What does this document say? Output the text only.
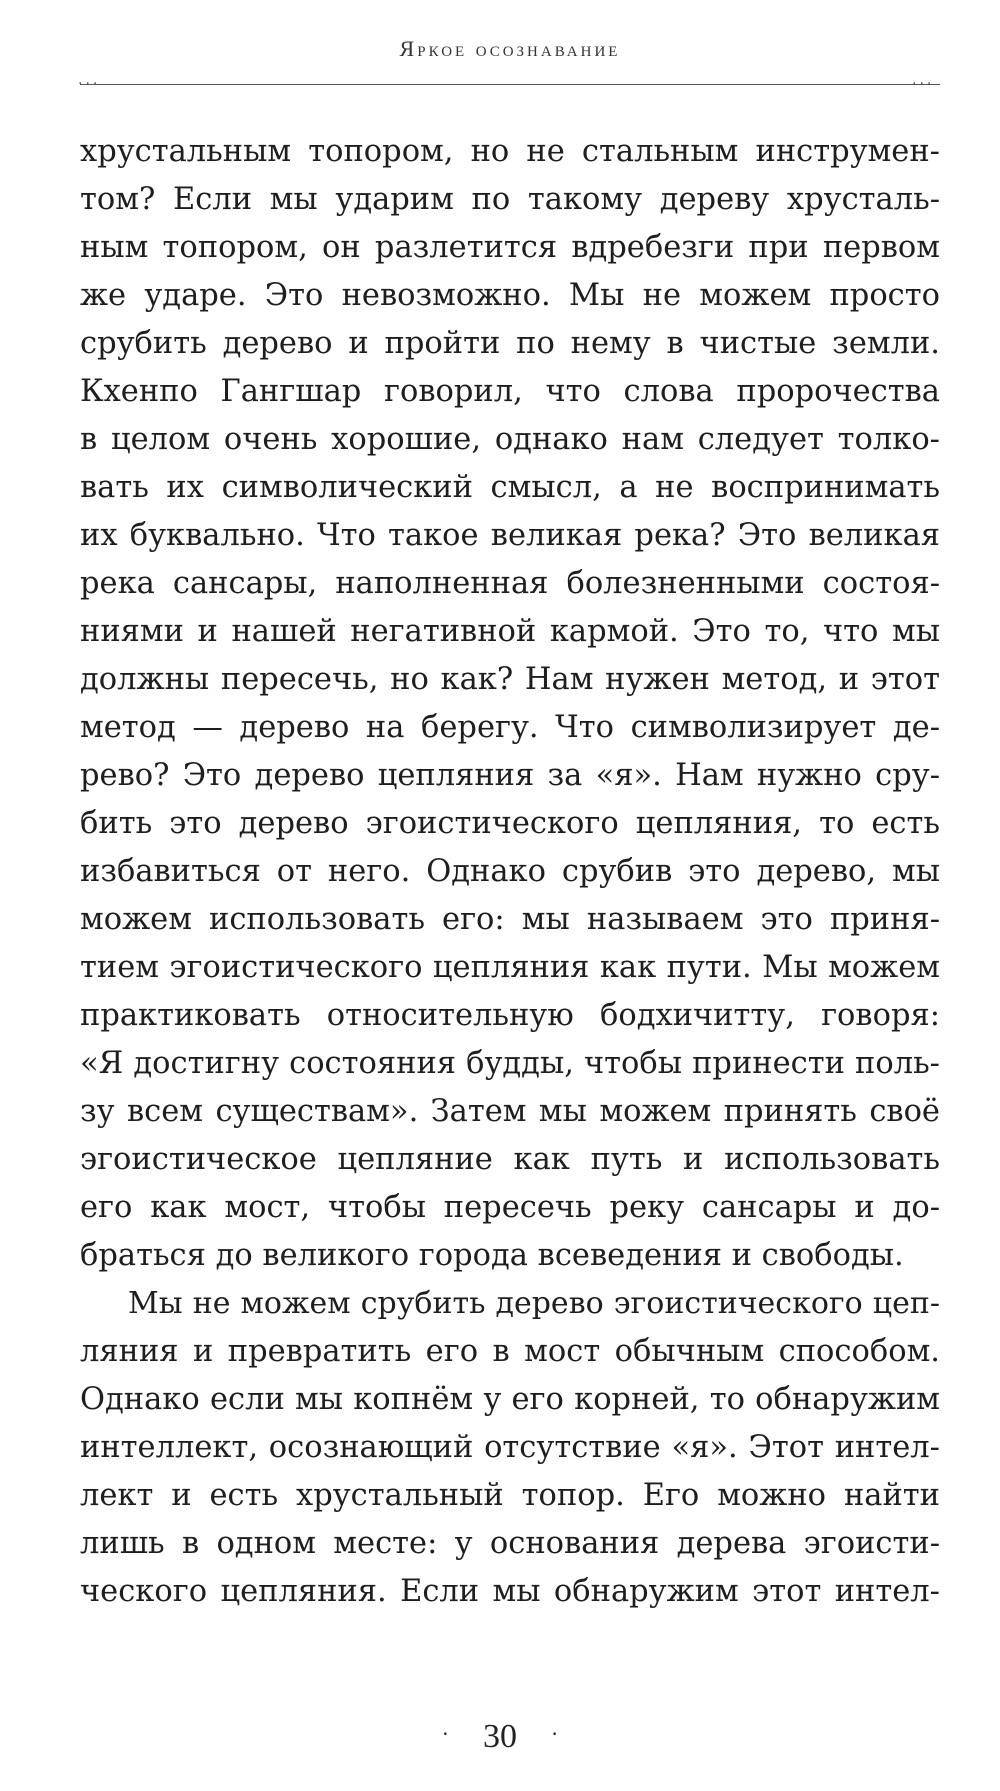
Яркое осознавание
···	···
хрустальным топором, но не стальным инструмен-
том? Если мы ударим по такому дереву хрусталь-
ным топором, он разлетится вдребезги при первом
же ударе. Это невозможно. Мы не можем просто
срубить дерево и пройти по нему в чистые земли.
Кхенпо Гангшар говорил, что слова пророчества
в целом очень хорошие, однако нам следует толко-
вать их символический смысл, а не воспринимать
их буквально. Что такое великая река? Это великая
река сансары, наполненная болезненными состоя-
ниями и нашей негативной кармой. Это то, что мы
должны пересечь, но как? Нам нужен метод, и этот
метод — дерево на берегу. Что символизирует де-
рево? Это дерево цепляния за «я». Нам нужно сру-
бить это дерево эгоистического цепляния, то есть
избавиться от него. Однако срубив это дерево, мы
можем использовать его: мы называем это приня-
тием эгоистического цепляния как пути. Мы можем
практиковать относительную бодхичитту, говоря:
«Я достигну состояния будды, чтобы принести поль-
зу всем существам». Затем мы можем принять своё
эгоистическое цепляние как путь и использовать
его как мост, чтобы пересечь реку сансары и до-
браться до великого города всеведения и свободы.
Мы не можем срубить дерево эгоистического цеп-
ляния и превратить его в мост обычным способом.
Однако если мы копнём у его корней, то обнаружим
интеллект, осознающий отсутствие «я». Этот интел-
лект и есть хрустальный топор. Его можно найти
лишь в одном месте: у основания дерева эгоисти-
ческого цепляния. Если мы обнаружим этот интел-
· 30 ·
